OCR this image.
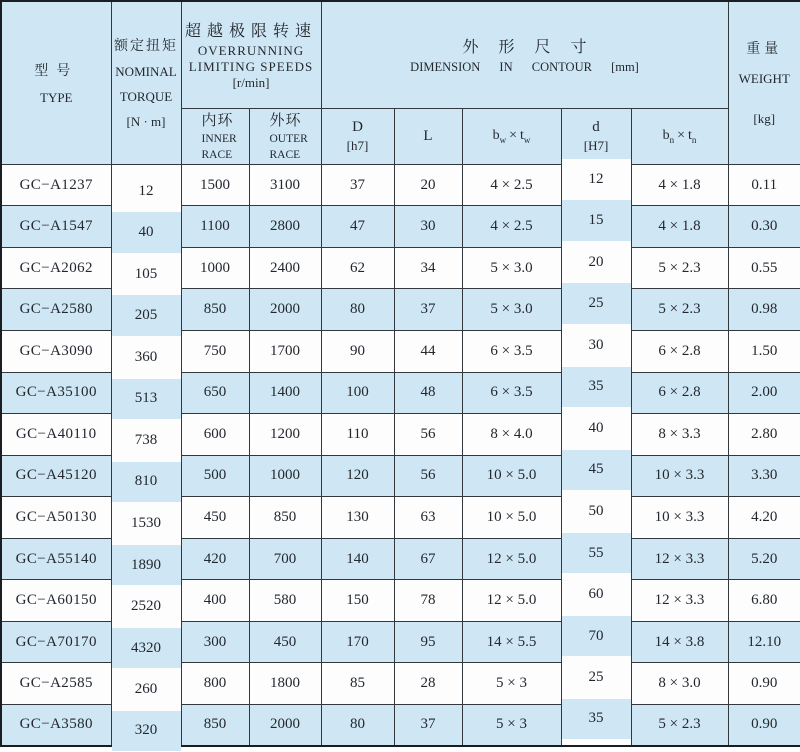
型号
TYPE	额定扭矩
NOMINAL
TORQUE
[N · m]	超越极限转速
OVERRUNNING
LIMITING SPEEDS
[r/min]		外形尺寸
DIMENSION IN CONTOUR [mm]					重量
WEIGHT
[kg]

		内环
INNER
RACE	外环
OUTER
RACE	D
[h7]	L	$b_w \times t_w$	d
[H7]	$b_n \times t_n$
GC−A1237	12	1500	3100	37	20	4 × 2.5	12	4 × 1.8	0.11
GC−A1547	40	1100	2800	47	30	4 × 2.5	15	4 × 1.8	0.30
GC−A2062	105	1000	2400	62	34	5 × 3.0	20	5 × 2.3	0.55
GC−A2580	205	850	2000	80	37	5 × 3.0	25	5 × 2.3	0.98
GC−A3090	360	750	1700	90	44	6 × 3.5	30	6 × 2.8	1.50
GC−A35100	513	650	1400	100	48	6 × 3.5	35	6 × 2.8	2.00
GC−A40110	738	600	1200	110	56	8 × 4.0	40	8 × 3.3	2.80
GC−A45120	810	500	1000	120	56	10 × 5.0	45	10 × 3.3	3.30
GC−A50130	1530	450	850	130	63	10 × 5.0	50	10 × 3.3	4.20
GC−A55140	1890	420	700	140	67	12 × 5.0	55	12 × 3.3	5.20
GC−A60150	2520	400	580	150	78	12 × 5.0	60	12 × 3.3	6.80
GC−A70170	4320	300	450	170	95	14 × 5.5	70	14 × 3.8	12.10
GC−A2585	260	800	1800	85	28	5 × 3	25	8 × 3.0	0.90
GC−A3580	320	850	2000	80	37	5 × 3	35	5 × 2.3	0.90
